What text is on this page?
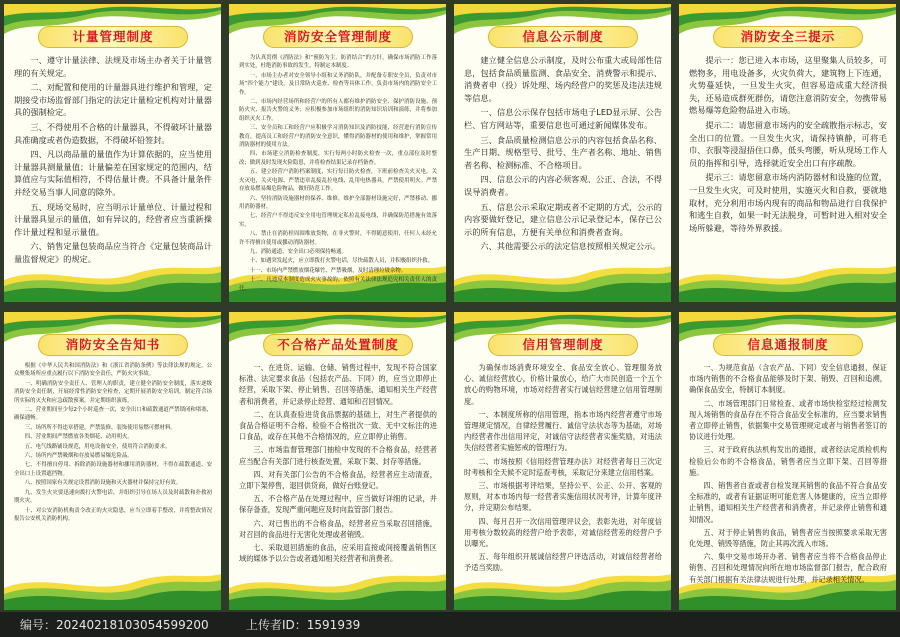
计量管理制度

一、遵守计量法律、法规及市场主办者关于计量管理的有关规定。

二、对配置和使用的计量器具进行维护和管理，定期接受市场监督部门指定的法定计量检定机构对计量器具的强制检定。

三、不得使用不合格的计量器具，不得破坏计量器具准确度或者伪造数据，不得破坏铅签封。

四、凡以商品量的量值作为计算依据的，应当使用计量器具测量量值；计量偏差在国家规定的范围内，结算值应与实际值相符，不得估量计费。不具备计量条件并经交易当事人同意的除外。

五、现场交易时，应当明示计量单位、计量过程和计量器具显示的量值，如有异议的，经营者应当重新操作计量过程和显示量值。

六、销售定量包装商品应当符合《定量包装商品计量监督规定》的规定。

消防安全管理制度

为认真贯彻《消防法》和“预防为主，防消结合”的方针，确保市场消防工作落到实处，杜绝消防事故的发生，特制定本制度。

一、市场主办者对安全领导小组和义务消防队，并配备专职安全员，负责对市场“四个能力”建设，及日常防火巡查、检查等具体工作，负责市场内的消防安全工作。

二、市场内经营场所和经营户的所有人都有维护消防安全、保护消防设施、预防火灾、报告火警的义务；应积极参加市场组织的消防知识培训和演练，并将参加组织灭火工作。

三、安全员和工和经营户应积极学习消防知识及消防技能，经营进行消防宣传教育，提高员工和经营户的消防安全意识，懂得消防器材的使用和维护，掌握常用消防器材的使用方法。

四、市场建立消防检查制度，实行每两小时防火检查一次，重点部位及时整改；做到及时发现火险隐患，并将检查结果记录存档备查。

五、建立经营户消防档案制度，实行每日防火检查，下班前检查关火灭电。关火灭电，关灭电源、严禁违章乱接乱拉电线、乱用电热器具，严禁使用明火。严禁存放易燃易爆危险物品，做好防范工作。

六、坚持消防设施器材的保养、维修，维护全部器材设施完好，严禁移动、挪用消防器材。

七、经营户不得违反安全用电管理规定私拉乱接电线，并确保防范措施有效落实。

八、禁止在消防栓周围堆放货物，在非火警时，不得随意使用，任何人未经允许不得擅自使用或挪动消防器材。

九、消防通道、安全出口必须保持畅通。

十、如遇突发起火，应立即拨打火警电话，尽快疏散人员，并积极组织扑救。

十一、市场内严禁燃放烟花爆竹、严禁吸烟，及时清理垃圾杂物。

十二、凡违反本制度造成火灾事故的，依照有关法律法规追究相关责任人的责任。

信息公示制度

建立健全信息公示制度，及时公布重大或局部性信息，包括食品质量监测、食品安全、消费警示和提示、消费者申（投）诉处理、场内经营户的奖惩及违法违规等信息。

一、信息公示保存包括市场电子LED显示屏、公告栏、官方网站等，重要信息也可通过新闻媒体发布。

三、食品质量检测信息公示的内容包括食品名称、生产日期、规格型号、批号、生产者名称、地址、销售者名称、检测标准、不合格项目。

四、信息公示的内容必须客观、公正、合法，不得误导消费者。

五、信息公示采取定期或者不定期的方式，公示的内容要做好登记，建立信息公示记录登记本，保存已公示的所有信息，方便有关单位和消费者查询。

六、其他需要公示的法定信息按照相关规定公示。

消防安全三提示

提示一：您已进入本市场，这里聚集人员较多，可燃物多，用电设备多，火灾负荷大，建筑物上下连通，火势蔓延快，一旦发生火灾，但容易造成重大经济损失，还易造成群死群伤，请您注意消防安全，勿携带易燃易爆等危险物品进入市场。

提示二：请您留意市场内的安全疏散指示标志，安全出口的位置。一旦发生火灾，请保持镇静，可将毛巾、衣服等浸湿捂住口鼻，低头弯腰，听从现场工作人员的指挥和引导，选择就近安全出口有序疏散。

提示三：请您留意市场内消防器材和设施的位置，一旦发生火灾，可及时使用，实施灭火和自救，要就地取材，充分利用市场内现有的商品和物品进行自我保护和逃生自救，如果一时无法脱身，可暂时进入相对安全场所躲避，等待外界救援。

消防安全告知书

根据《中华人民共和国消防法》和《浙江省消防条例》等法律法规的规定，公众聚集场所应重点履行以下消防安全责任，严防火灾事故。

一、明确消防安全责任人、管理人的职责，建立健全消防安全制度，落实逐级消防安全责任制，开展经常性消防安全检查，定期开展消防安全培训，制定符合场所实际的灭火和应急疏散预案，并定期组织演练。

二、营业期间至少每2个小时巡查一次，安全出口和疏散通道严禁锁闭和堵塞，确保通畅。

三、场所所不得违章搭建，严禁装修、装饰使用易燃可燃材料。

四、营业期间严禁燃放各类烟花、动用明火。

五、电气线路铺设规范，用电设备安全，使用符合消防要求。

六、场所内严禁吸烟和存放易燃易爆危险品。

七、不得擅自停用、拆除消防设施器材和挪用消防器材，不得在疏散通道、安全出口上设置遮挡物。

八、按照国家有关规定设置消防设施和灭火器材并保持完好有效。

九、发生火灾要迅速向拨打火警电话，并组织引导在场人员及时疏散和扑救初期火灾。

十、对公安消防机构责令改正的火灾隐患，应当立即着手整改，并将整改情况报告公安机关消防机构。

不合格产品处置制度

一、在进货、运输、仓储、销售过程中，发现不符合国家标准、法定要求食品（包括农产品、下同）的，应当立即停止经营，采取下架、停止销售、召回等措施，通知相关生产经营者和消费者，并记录停止经营、通知和召回情况。

二、在认真查验进货食品票据的基础上，对生产者提供的食品合格证明不合格、检验不合格批次一致、无中文标注的进口食品，或存在其他不合格情况的，应立即停止销售。

三、市场监督管理部门抽检中发现的不合格食品，经营者应当配合有关部门进行核查处置，采取下架、封存等措施。

四、对有关部门公告的不合格食品，经营者应主动清查，立即下架停售，退回供货商，做好台账登记。

五、不合格产品在处理过程中，应当做好详细的记录，并保存备查，发现严重问题应及时向监管部门报告。

六、对已售出的不合格食品，经营者应当采取召回措施，对召回的食品进行无害化处理或者销毁。

七、采取退回措施的食品，应采用直接或间接覆盖销售区域的媒体予以公告或者通知相关经营者和消费者。

信用管理制度

为确保市场消费环境安全、食品安全放心、管理服务放心、诚信经营放心，价格计量放心，给广大市民创造一个五个放心的购物环境，市场对经营者实行诚信经营建立信用管理制度。

一、本制度所称的信用管理，指本市场内经营者遵守市场管理规定情况，自律经营履行、诚信守法状态等为基础，对场内经营者作出信用评定，对诚信守法经营者实施奖励，对违法失信经营者实施惩戒的管理行为。

二、市场按照《信用经营管理办法》对经营者每日三次定时考核和全天候不定时巡查考核，采取记分来建立信用档案。

三、市场根据考评结果，坚持公平、公正、公开、客观的原则，对本市场内每一经营者实施信用状况考评，计算年度评分，并定期公布结果。

四、每月召开一次信用管理评议会，表彰先进，对年度信用考核分数较高的经营户给予表彰，对诚信经营差的经营户予以曝光。

五、每年组织开展诚信经营户评选活动，对诚信经营者给予适当奖励。

信息通报制度

一、为规范食品（含农产品、下同）安全信息通报，保证市场内销售的不合格食品能够及时下架、销毁、召回和追溯，确保食品安全，特制订本制度。

二、市场管理部门日常检查、或者市场快检室经过检测发现入场销售的食品存在不符合食品安全标准的，应当要求销售者立即停止销售，依据集中交易管理规定或者与销售者签订的协议进行处理。

三、对于政府执法机构发出的通报，或者经法定质检机构检验后公布的不合格食品，销售者应当立即下架、召回等措施。

四、销售者自查或者自检发现其销售的食品不符合食品安全标准的，或者有证据证明可能危害人体健康的，应当立即停止销售，通知相关生产经营者和消费者，并记录停止销售和通知情况。

五、对于停止销售的食品，销售者应当按照要求采取无害化处理、销毁等措施，防止其再次流入市场。

六、集中交易市场开办者、销售者应当将不合格食品停止销售、召回和处理情况向所在地市场监督部门报告，配合政府有关部门根据有关法律法规进行处理，并记录相关情况。

编号：20240218103054599200	上传者ID：1591939
